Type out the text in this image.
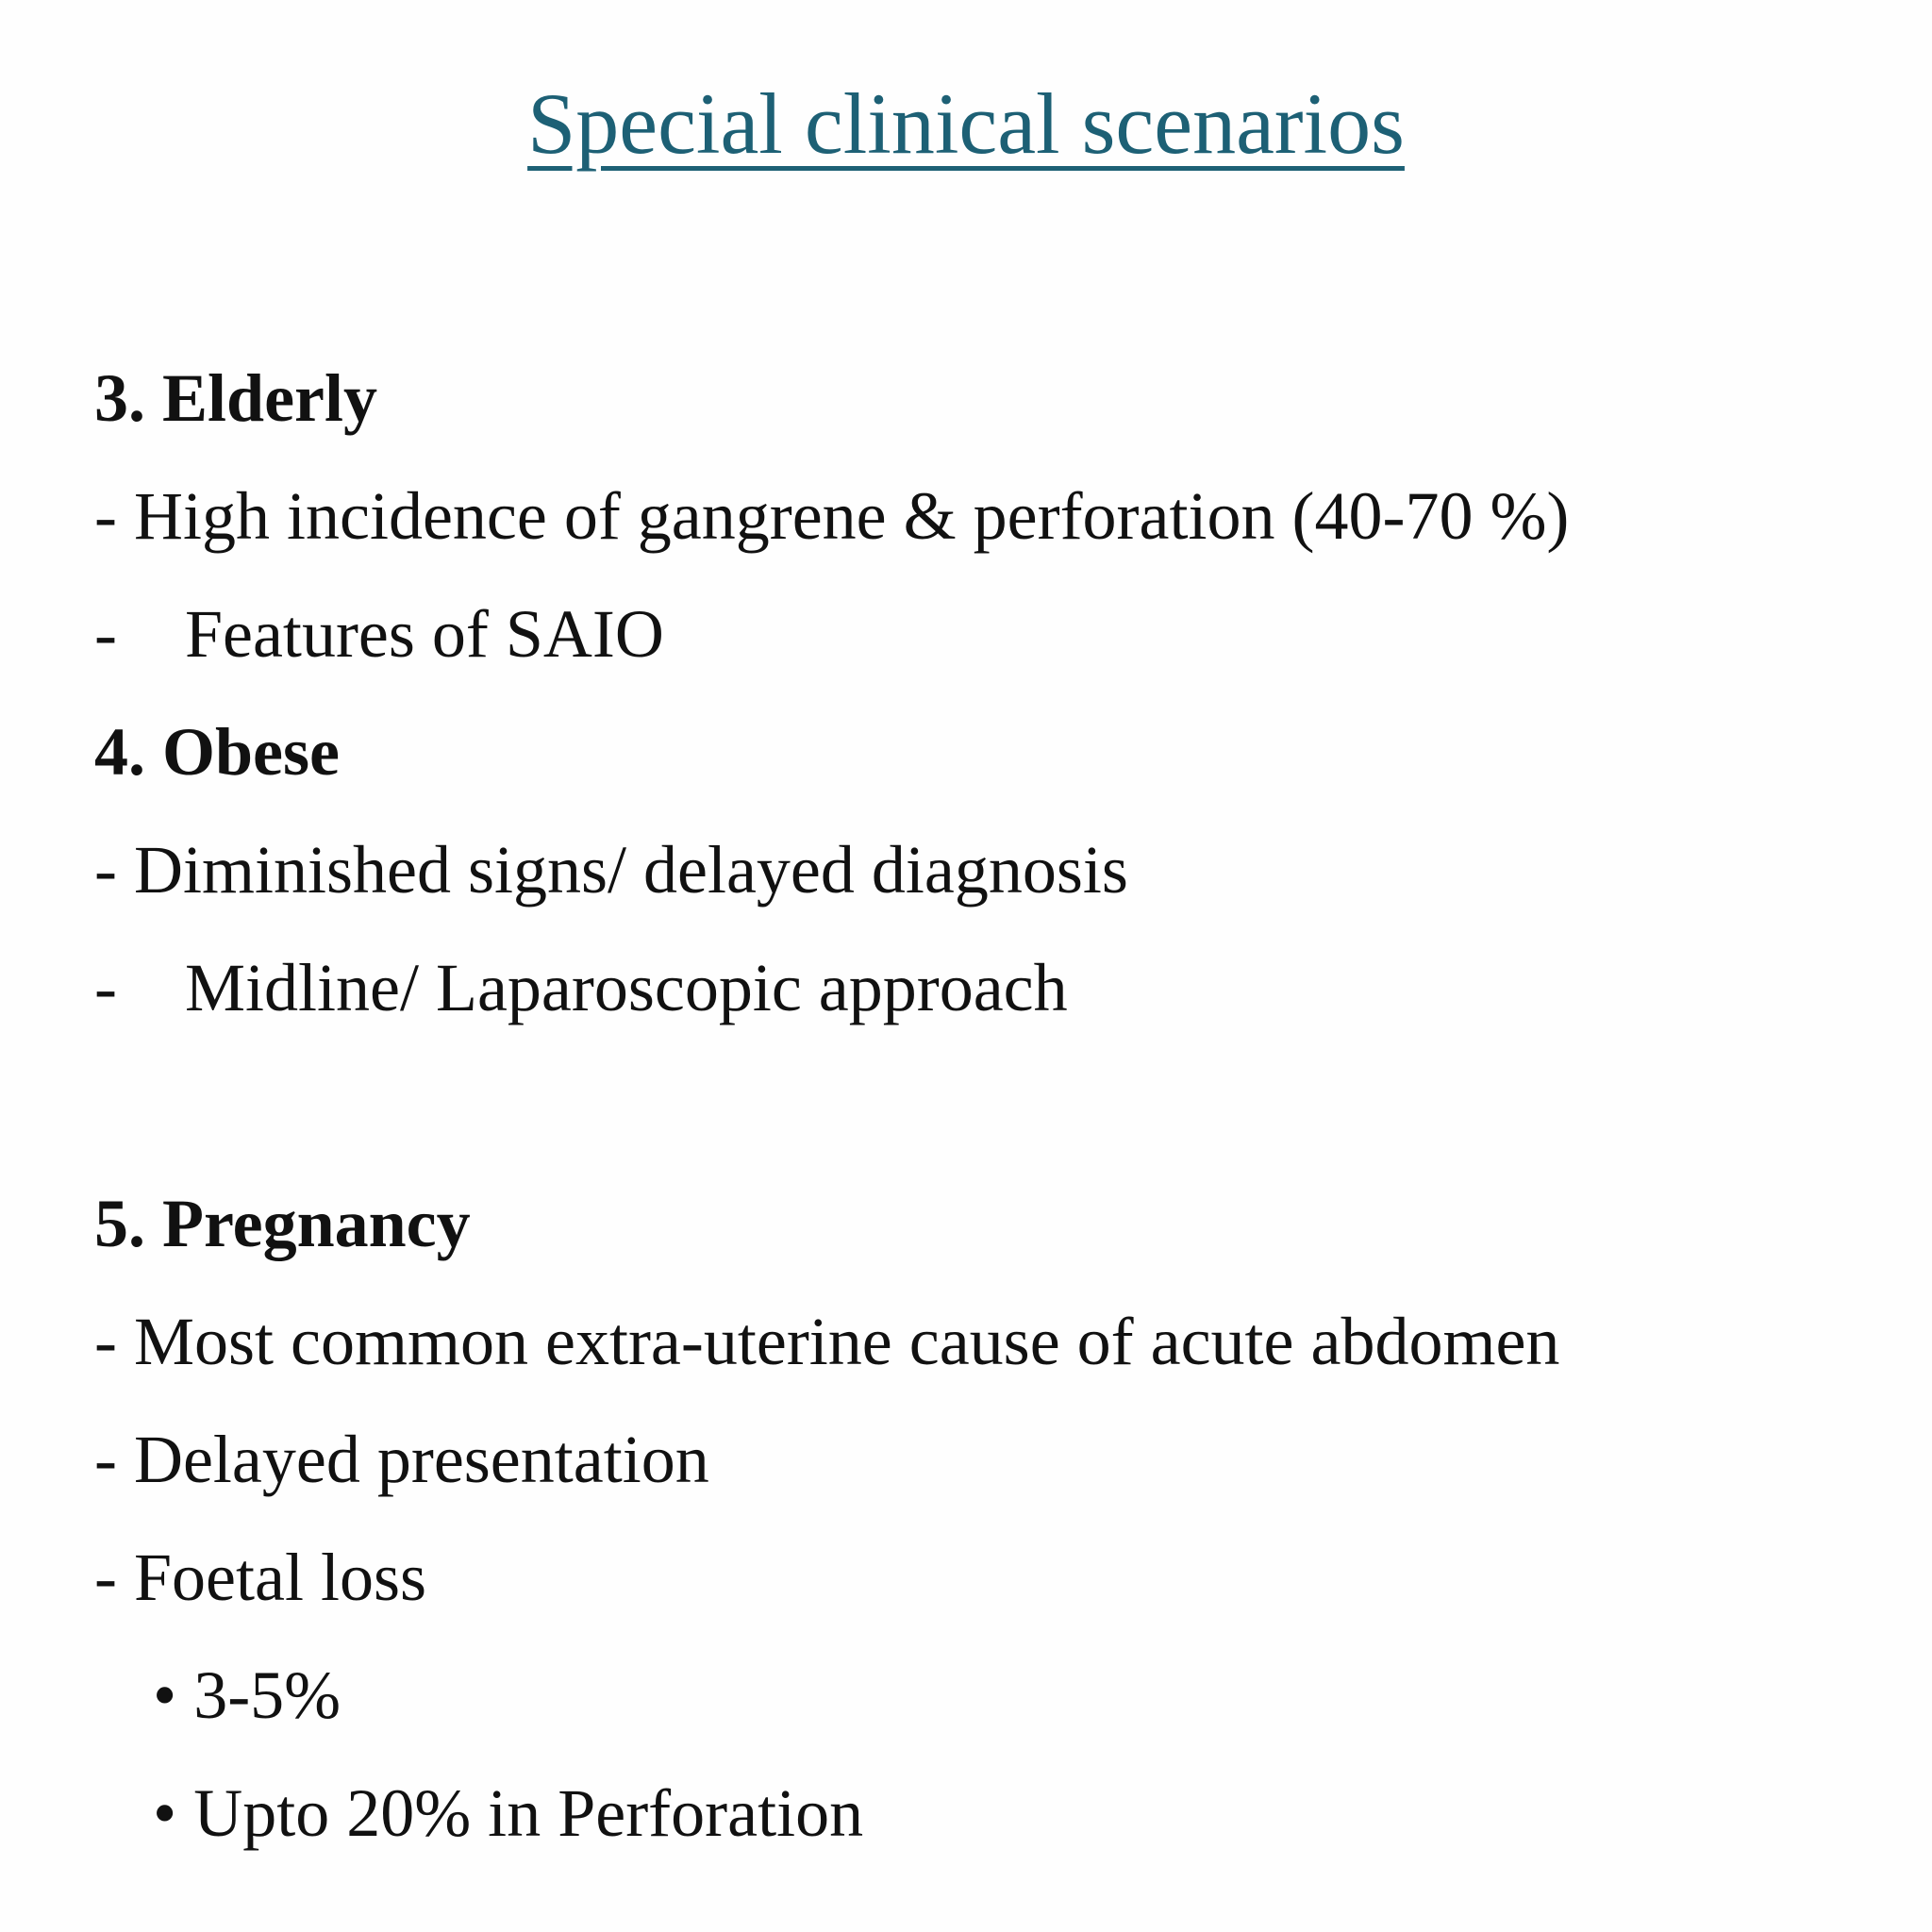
Special clinical scenarios
3. Elderly
- High incidence of gangrene & perforation (40-70 %)
-    Features of SAIO
4. Obese
- Diminished signs/ delayed diagnosis
-    Midline/ Laparoscopic approach
5. Pregnancy
- Most common extra-uterine cause of acute abdomen
- Delayed presentation
- Foetal loss
• 3-5%
• Upto 20% in Perforation
